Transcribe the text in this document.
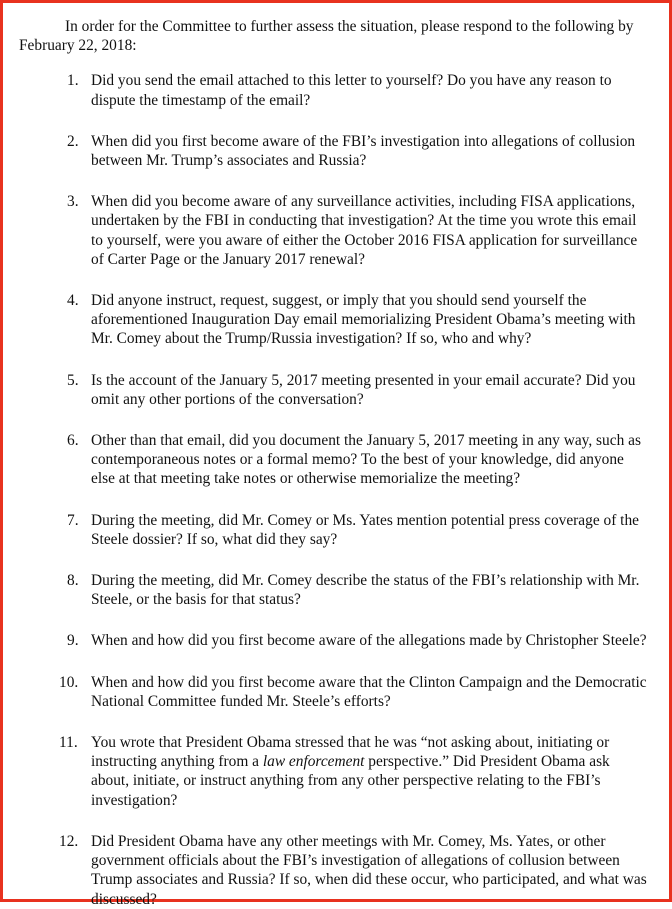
In order for the Committee to further assess the situation, please respond to the following by February 22, 2018:

1. Did you send the email attached to this letter to yourself? Do you have any reason to dispute the timestamp of the email?
2. When did you first become aware of the FBI’s investigation into allegations of collusion between Mr. Trump’s associates and Russia?
3. When did you become aware of any surveillance activities, including FISA applications, undertaken by the FBI in conducting that investigation? At the time you wrote this email to yourself, were you aware of either the October 2016 FISA application for surveillance of Carter Page or the January 2017 renewal?
4. Did anyone instruct, request, suggest, or imply that you should send yourself the aforementioned Inauguration Day email memorializing President Obama’s meeting with Mr. Comey about the Trump/Russia investigation? If so, who and why?
5. Is the account of the January 5, 2017 meeting presented in your email accurate? Did you omit any other portions of the conversation?
6. Other than that email, did you document the January 5, 2017 meeting in any way, such as contemporaneous notes or a formal memo? To the best of your knowledge, did anyone else at that meeting take notes or otherwise memorialize the meeting?
7. During the meeting, did Mr. Comey or Ms. Yates mention potential press coverage of the Steele dossier? If so, what did they say?
8. During the meeting, did Mr. Comey describe the status of the FBI’s relationship with Mr. Steele, or the basis for that status?
9. When and how did you first become aware of the allegations made by Christopher Steele?
10. When and how did you first become aware that the Clinton Campaign and the Democratic National Committee funded Mr. Steele’s efforts?
11. You wrote that President Obama stressed that he was “not asking about, initiating or instructing anything from a law enforcement perspective.” Did President Obama ask about, initiate, or instruct anything from any other perspective relating to the FBI’s investigation?
12. Did President Obama have any other meetings with Mr. Comey, Ms. Yates, or other government officials about the FBI’s investigation of allegations of collusion between Trump associates and Russia? If so, when did these occur, who participated, and what was discussed?
